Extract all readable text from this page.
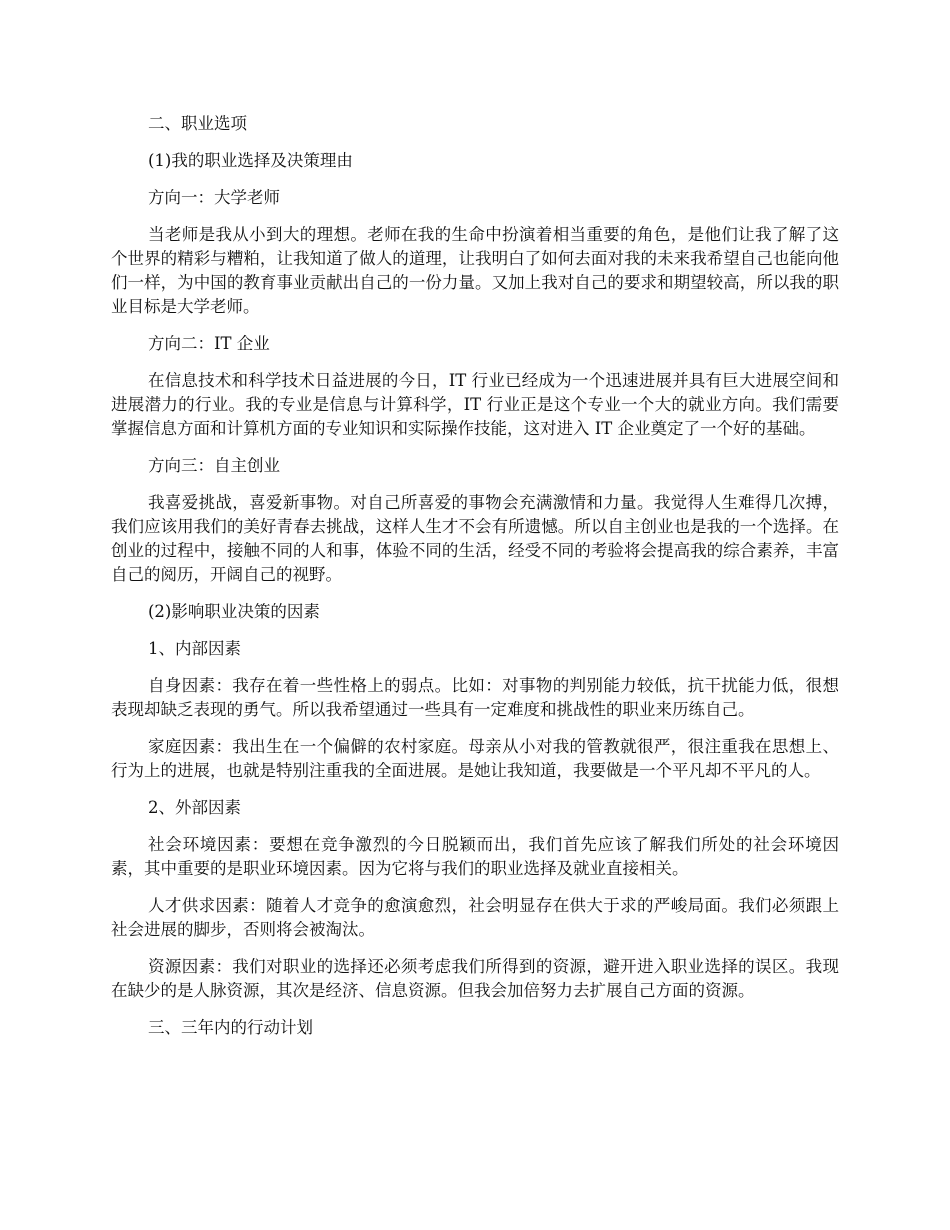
二、职业选项

(1)我的职业选择及决策理由

方向一：大学老师

当老师是我从小到大的理想。老师在我的生命中扮演着相当重要的角色，是他们让我了解了这个世界的精彩与糟粕，让我知道了做人的道理，让我明白了如何去面对我的未来我希望自己也能向他们一样，为中国的教育事业贡献出自己的一份力量。又加上我对自己的要求和期望较高，所以我的职业目标是大学老师。

方向二：IT 企业

在信息技术和科学技术日益进展的今日，IT 行业已经成为一个迅速进展并具有巨大进展空间和进展潜力的行业。我的专业是信息与计算科学，IT 行业正是这个专业一个大的就业方向。我们需要掌握信息方面和计算机方面的专业知识和实际操作技能，这对进入 IT 企业奠定了一个好的基础。

方向三：自主创业

我喜爱挑战，喜爱新事物。对自己所喜爱的事物会充满激情和力量。我觉得人生难得几次搏，我们应该用我们的美好青春去挑战，这样人生才不会有所遗憾。所以自主创业也是我的一个选择。在创业的过程中，接触不同的人和事，体验不同的生活，经受不同的考验将会提高我的综合素养，丰富自己的阅历，开阔自己的视野。

(2)影响职业决策的因素

1、内部因素

自身因素：我存在着一些性格上的弱点。比如：对事物的判别能力较低，抗干扰能力低，很想表现却缺乏表现的勇气。所以我希望通过一些具有一定难度和挑战性的职业来历练自己。

家庭因素：我出生在一个偏僻的农村家庭。母亲从小对我的管教就很严，很注重我在思想上、行为上的进展，也就是特别注重我的全面进展。是她让我知道，我要做是一个平凡却不平凡的人。

2、外部因素

社会环境因素：要想在竞争激烈的今日脱颖而出，我们首先应该了解我们所处的社会环境因素，其中重要的是职业环境因素。因为它将与我们的职业选择及就业直接相关。

人才供求因素：随着人才竞争的愈演愈烈，社会明显存在供大于求的严峻局面。我们必须跟上社会进展的脚步，否则将会被淘汰。

资源因素：我们对职业的选择还必须考虑我们所得到的资源，避开进入职业选择的误区。我现在缺少的是人脉资源，其次是经济、信息资源。但我会加倍努力去扩展自己方面的资源。

三、三年内的行动计划
